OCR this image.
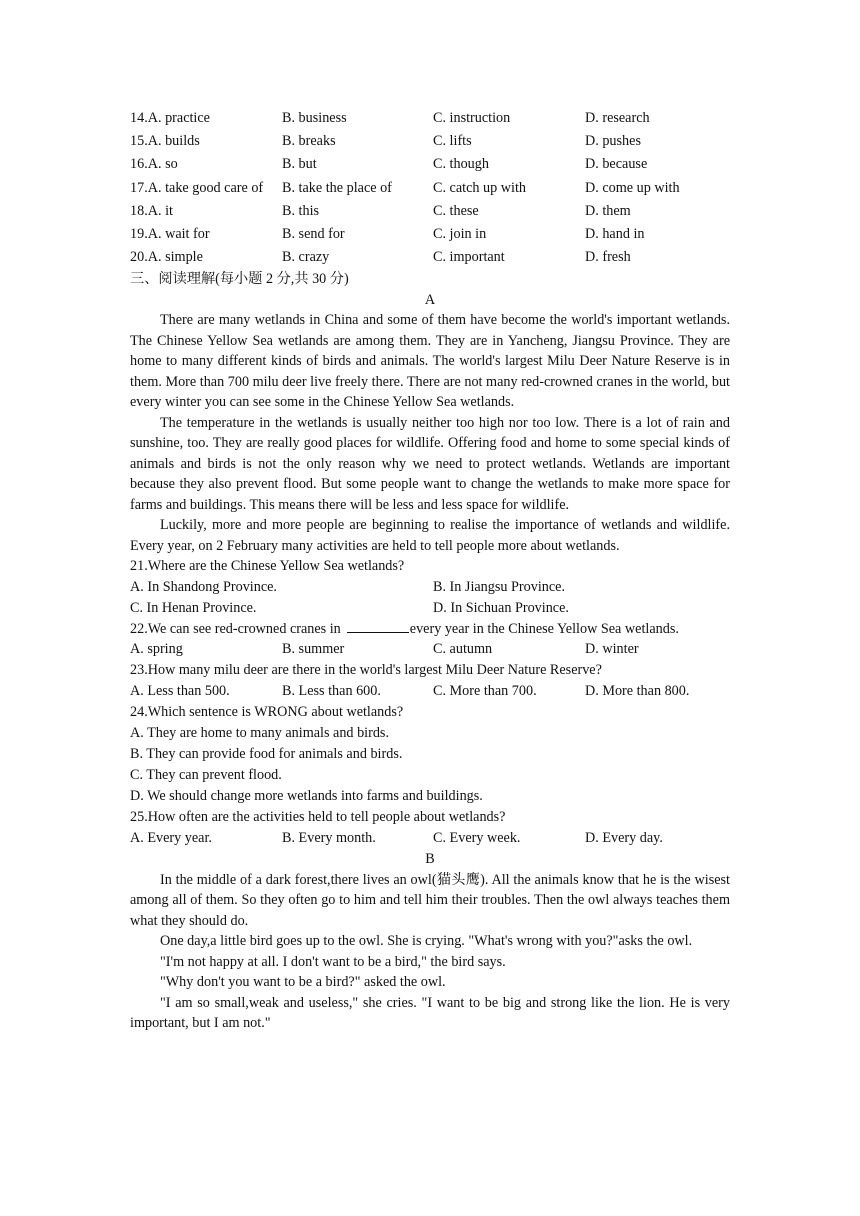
14.A. practice	B. business	C. instruction	D. research
15.A. builds	B. breaks	C. lifts	D. pushes
16.A. so	B. but	C. though	D. because
17.A. take good care of	B. take the place of	C. catch up with	D. come up with
18.A. it	B. this	C. these	D. them
19.A. wait for	B. send for	C. join in	D. hand in
20.A. simple	B. crazy	C. important	D. fresh
三、阅读理解(每小题 2 分,共 30 分)
A

There are many wetlands in China and some of them have become the world's important wetlands. The Chinese Yellow Sea wetlands are among them. They are in Yancheng, Jiangsu Province. They are home to many different kinds of birds and animals. The world's largest Milu Deer Nature Reserve is in them. More than 700 milu deer live freely there. There are not many red-crowned cranes in the world, but every winter you can see some in the Chinese Yellow Sea wetlands.

The temperature in the wetlands is usually neither too high nor too low. There is a lot of rain and sunshine, too. They are really good places for wildlife. Offering food and home to some special kinds of animals and birds is not the only reason why we need to protect wetlands. Wetlands are important because they also prevent flood. But some people want to change the wetlands to make more space for farms and buildings. This means there will be less and less space for wildlife.

Luckily, more and more people are beginning to realise the importance of wetlands and wildlife. Every year, on 2 February many activities are held to tell people more about wetlands.

21.Where are the Chinese Yellow Sea wetlands?
A. In Shandong Province.	B. In Jiangsu Province.
C. In Henan Province.	D. In Sichuan Province.
22.We can see red-crowned cranes in	every year in the Chinese Yellow Sea wetlands.
A. spring	B. summer	C. autumn	D. winter
23.How many milu deer are there in the world's largest Milu Deer Nature Reserve?
A. Less than 500.	B. Less than 600.	C. More than 700.	D. More than 800.
24.Which sentence is WRONG about wetlands?
A. They are home to many animals and birds.
B. They can provide food for animals and birds.
C. They can prevent flood.
D. We should change more wetlands into farms and buildings.
25.How often are the activities held to tell people about wetlands?
A. Every year.	B. Every month.	C. Every week.	D. Every day.
B

In the middle of a dark forest,there lives an owl(猫头鹰). All the animals know that he is the wisest among all of them. So they often go to him and tell him their troubles. Then the owl always teaches them what they should do.

One day,a little bird goes up to the owl. She is crying. "What's wrong with you?"asks the owl.

"I'm not happy at all. I don't want to be a bird," the bird says.

"Why don't you want to be a bird?" asked the owl.

"I am so small,weak and useless," she cries. "I want to be big and strong like the lion. He is very important, but I am not."
